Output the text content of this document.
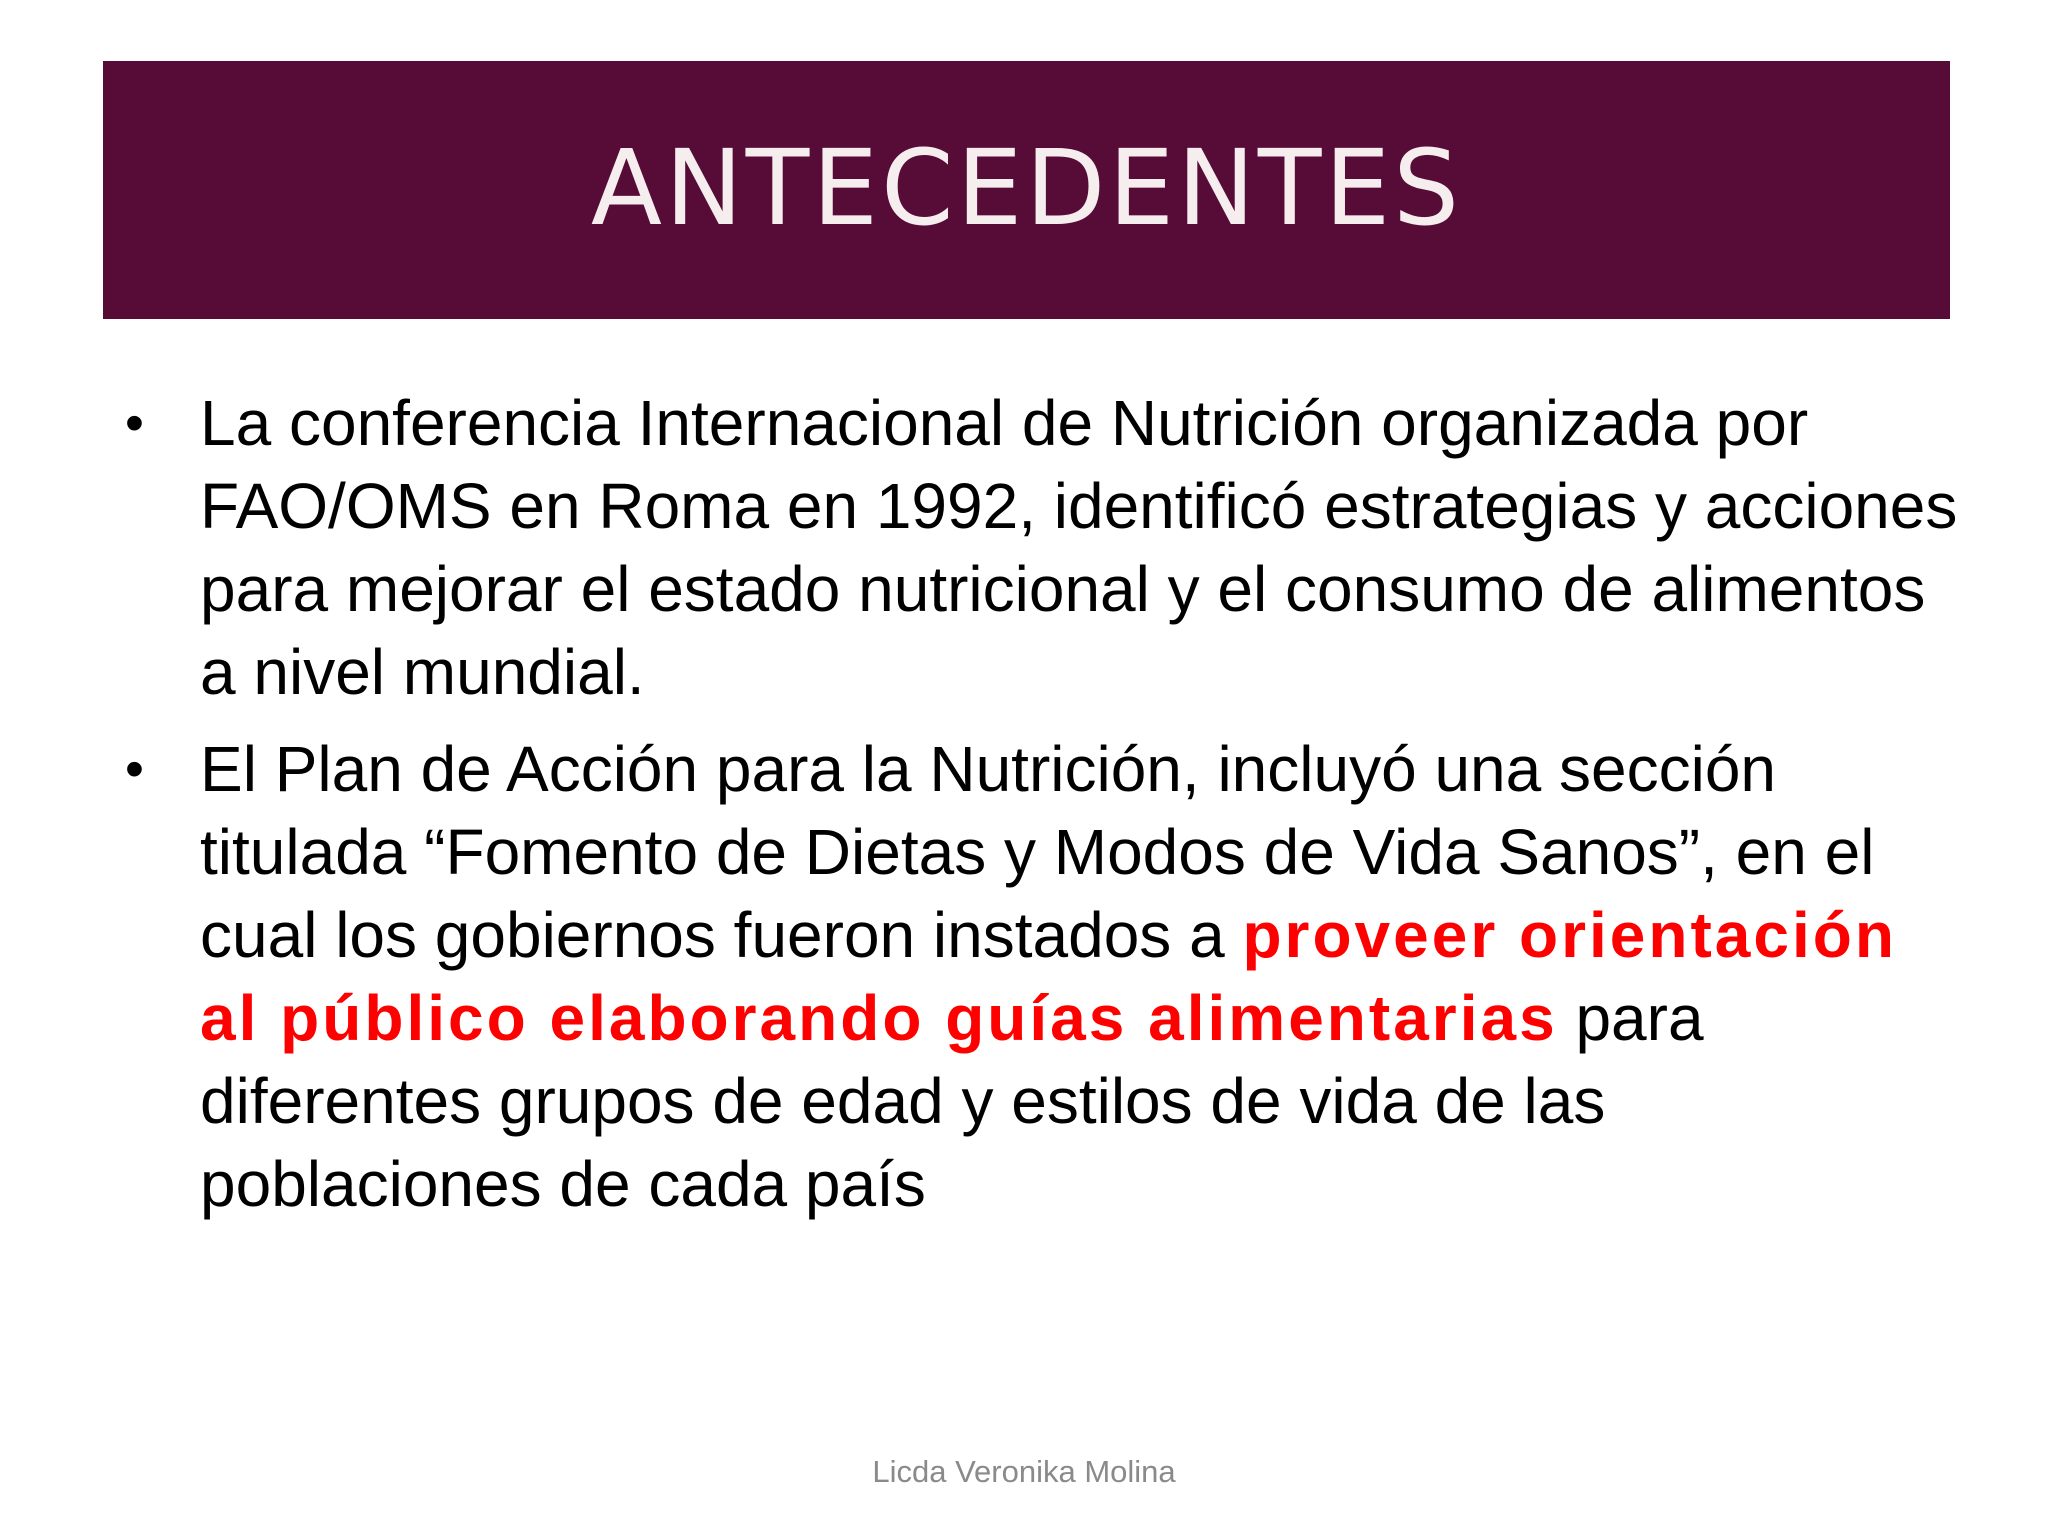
ANTECEDENTES
• La conferencia Internacional de Nutrición organizada por FAO/OMS en Roma en 1992, identificó estrategias y acciones para mejorar el estado nutricional y el consumo de alimentos a nivel mundial.
• El Plan de Acción para la Nutrición, incluyó una sección titulada “Fomento de Dietas y Modos de Vida Sanos”, en el cual los gobiernos fueron instados a proveer orientación al público elaborando guías alimentarias para diferentes grupos de edad y estilos de vida de las poblaciones de cada país
Licda Veronika Molina
